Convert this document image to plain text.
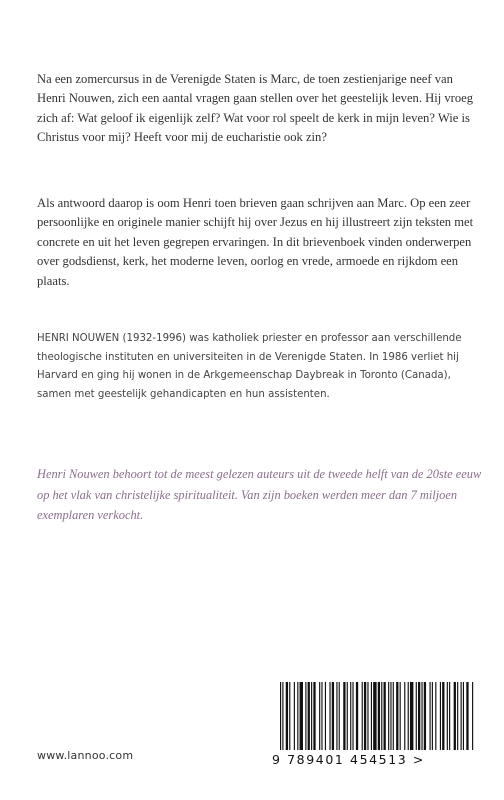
Na een zomercursus in de Verenigde Staten is Marc, de toen zestienjarige neef van Henri Nouwen, zich een aantal vragen gaan stellen over het geestelijk leven. Hij vroeg zich af: Wat geloof ik eigenlijk zelf? Wat voor rol speelt de kerk in mijn leven? Wie is Christus voor mij? Heeft voor mij de eucharistie ook zin?

Als antwoord daarop is oom Henri toen brieven gaan schrijven aan Marc. Op een zeer persoonlijke en originele manier schijft hij over Jezus en hij illustreert zijn teksten met concrete en uit het leven gegrepen ervaringen. In dit brievenboek vinden onderwerpen over godsdienst, kerk, het moderne leven, oorlog en vrede, armoede en rijkdom een plaats.

HENRI NOUWEN (1932-1996) was katholiek priester en professor aan verschillende theologische instituten en universiteiten in de Verenigde Staten. In 1986 verliet hij Harvard en ging hij wonen in de Arkgemeenschap Daybreak in Toronto (Canada), samen met geestelijk gehandicapten en hun assistenten.

Henri Nouwen behoort tot de meest gelezen auteurs uit de tweede helft van de 20ste eeuw op het vlak van christelijke spiritualiteit. Van zijn boeken werden meer dan 7 miljoen exemplaren verkocht.

www.lannoo.com	9 789401 454513 >
